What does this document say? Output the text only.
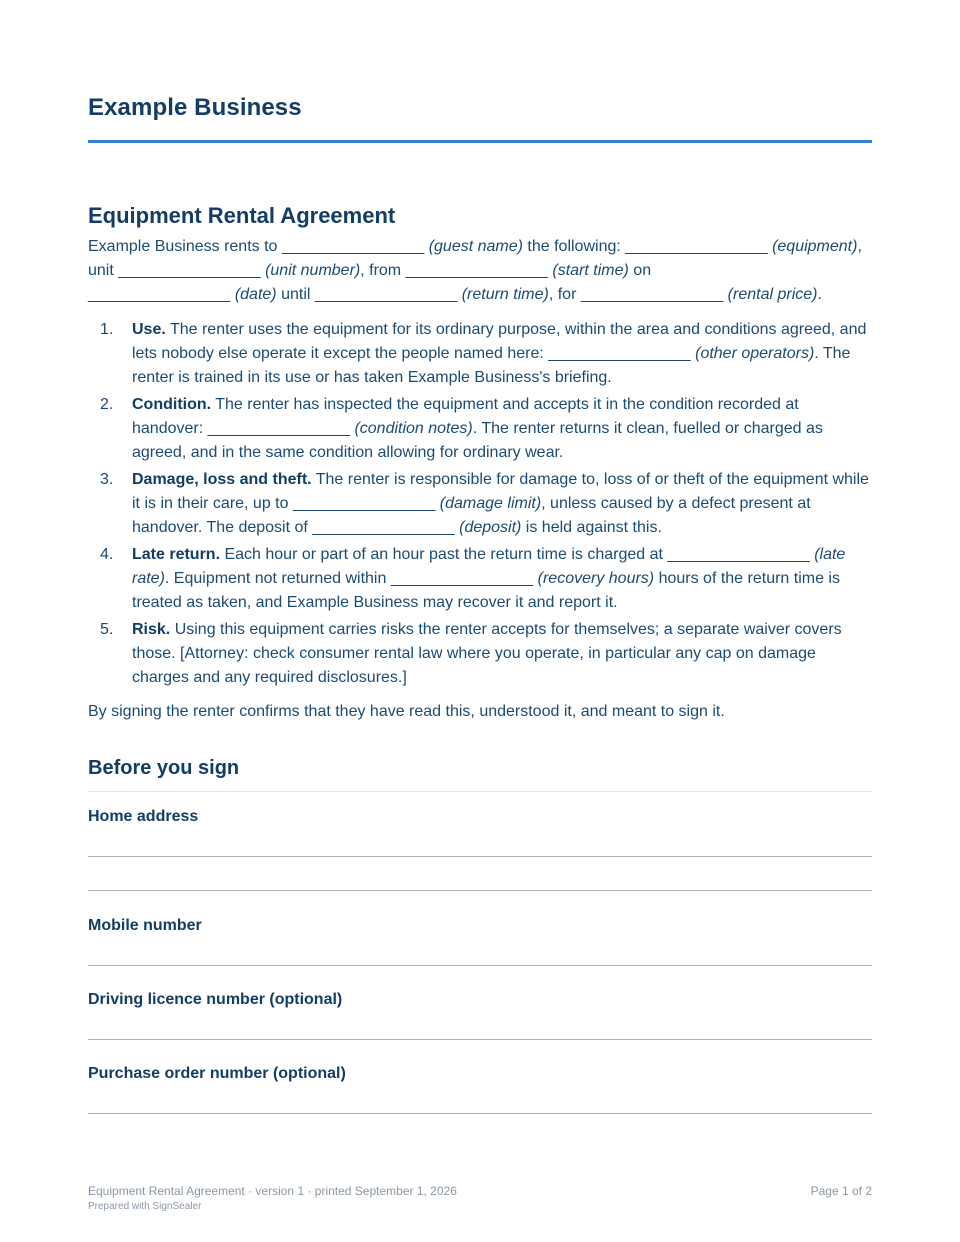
Example Business
Equipment Rental Agreement

Example Business rents to ________________ (guest name) the following: ________________ (equipment), unit ________________ (unit number), from ________________ (start time) on
________________ (date) until ________________ (return time), for ________________ (rental price).

1. Use. The renter uses the equipment for its ordinary purpose, within the area and conditions agreed, and lets nobody else operate it except the people named here: ________________ (other operators). The renter is trained in its use or has taken Example Business's briefing.
2. Condition. The renter has inspected the equipment and accepts it in the condition recorded at handover: ________________ (condition notes). The renter returns it clean, fuelled or charged as agreed, and in the same condition allowing for ordinary wear.
3. Damage, loss and theft. The renter is responsible for damage to, loss of or theft of the equipment while it is in their care, up to ________________ (damage limit), unless caused by a defect present at handover. The deposit of ________________ (deposit) is held against this.
4. Late return. Each hour or part of an hour past the return time is charged at ________________ (late rate). Equipment not returned within ________________ (recovery hours) hours of the return time is treated as taken, and Example Business may recover it and report it.
5. Risk. Using this equipment carries risks the renter accepts for themselves; a separate waiver covers those. [Attorney: check consumer rental law where you operate, in particular any cap on damage charges and any required disclosures.]

By signing the renter confirms that they have read this, understood it, and meant to sign it.

Before you sign
Home address
Mobile number
Driving licence number (optional)
Purchase order number (optional)
Equipment Rental Agreement · version 1 · printed September 1, 2026
Prepared with SignSealer
Page 1 of 2
